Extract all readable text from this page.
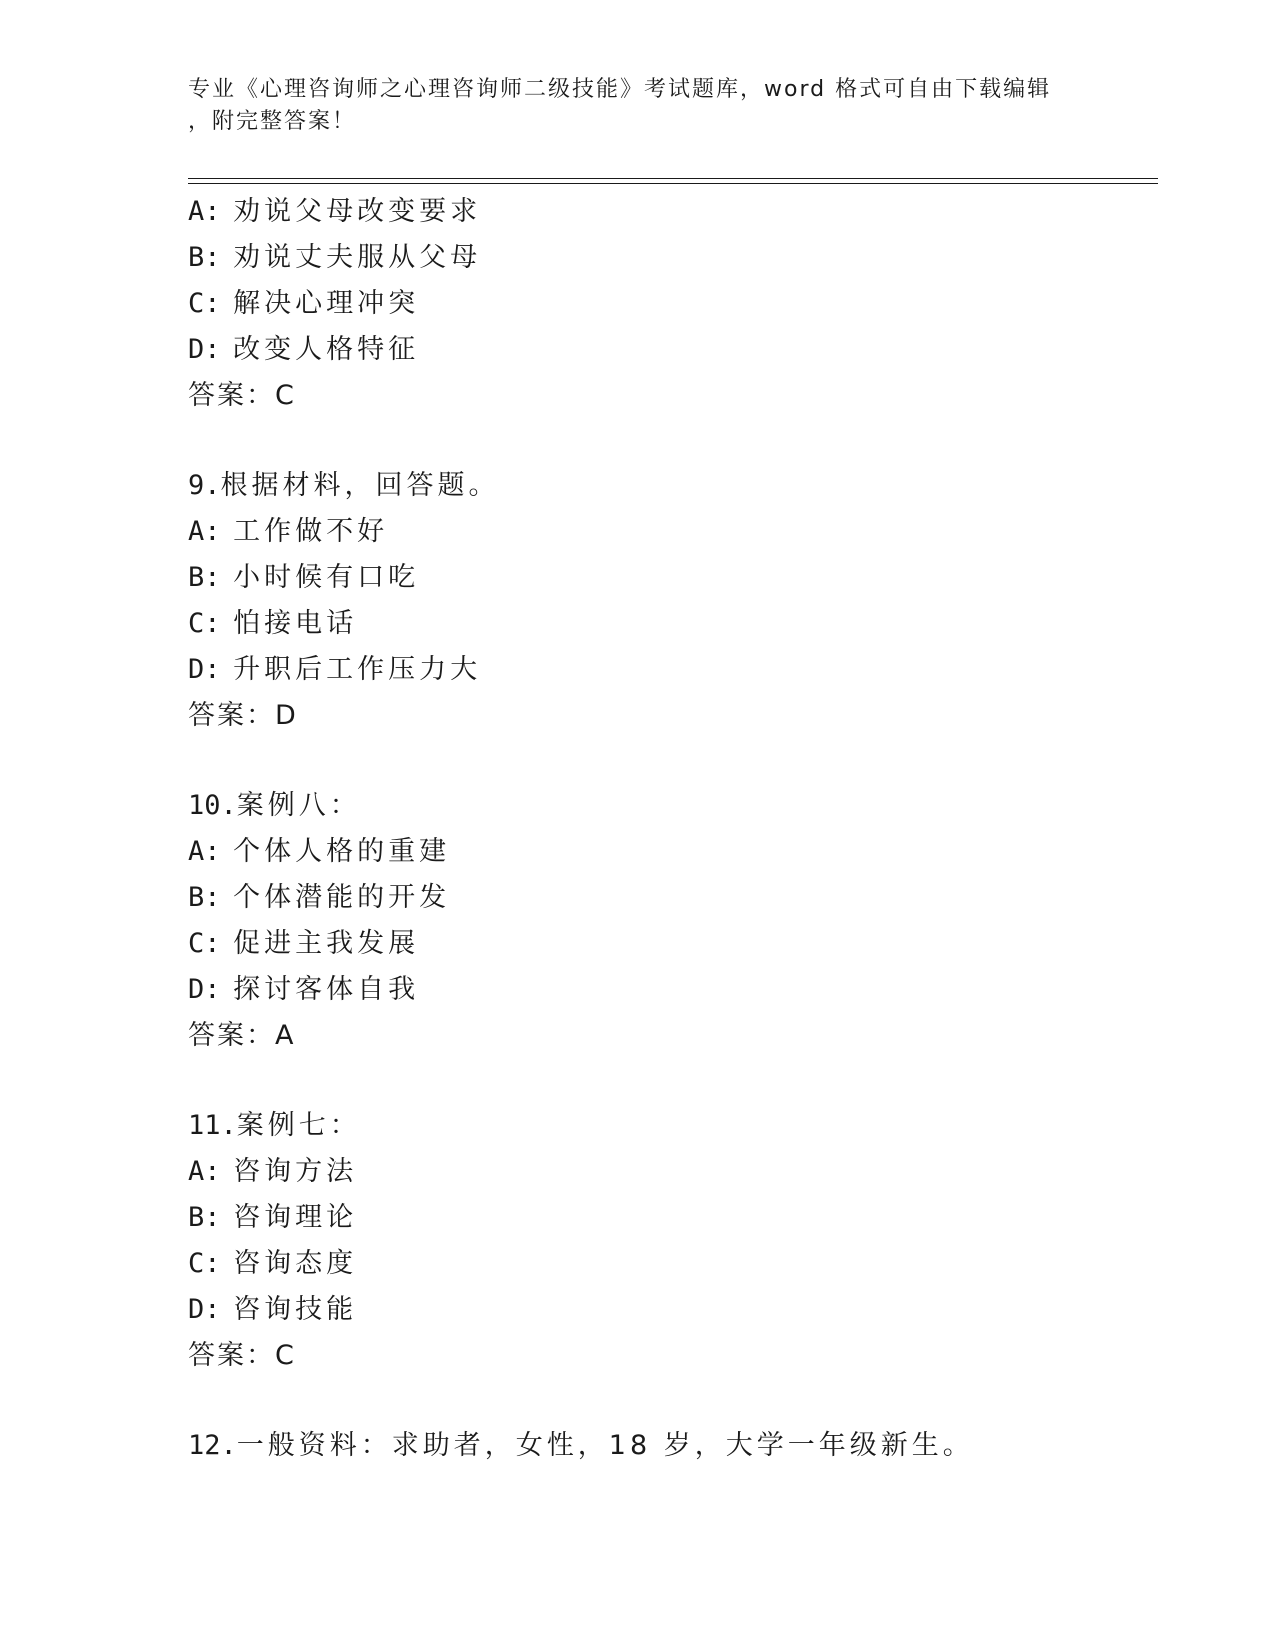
专业《心理咨询师之心理咨询师二级技能》考试题库，word 格式可自由下载编辑
，附完整答案！
A: 劝说父母改变要求
B: 劝说丈夫服从父母
C: 解决心理冲突
D: 改变人格特征
答案：C
9.根据材料，回答题。
A: 工作做不好
B: 小时候有口吃
C: 怕接电话
D: 升职后工作压力大
答案：D
10.案例八：
A: 个体人格的重建
B: 个体潜能的开发
C: 促进主我发展
D: 探讨客体自我
答案：A
11.案例七：
A: 咨询方法
B: 咨询理论
C: 咨询态度
D: 咨询技能
答案：C
12.一般资料：求助者，女性，18 岁，大学一年级新生。
